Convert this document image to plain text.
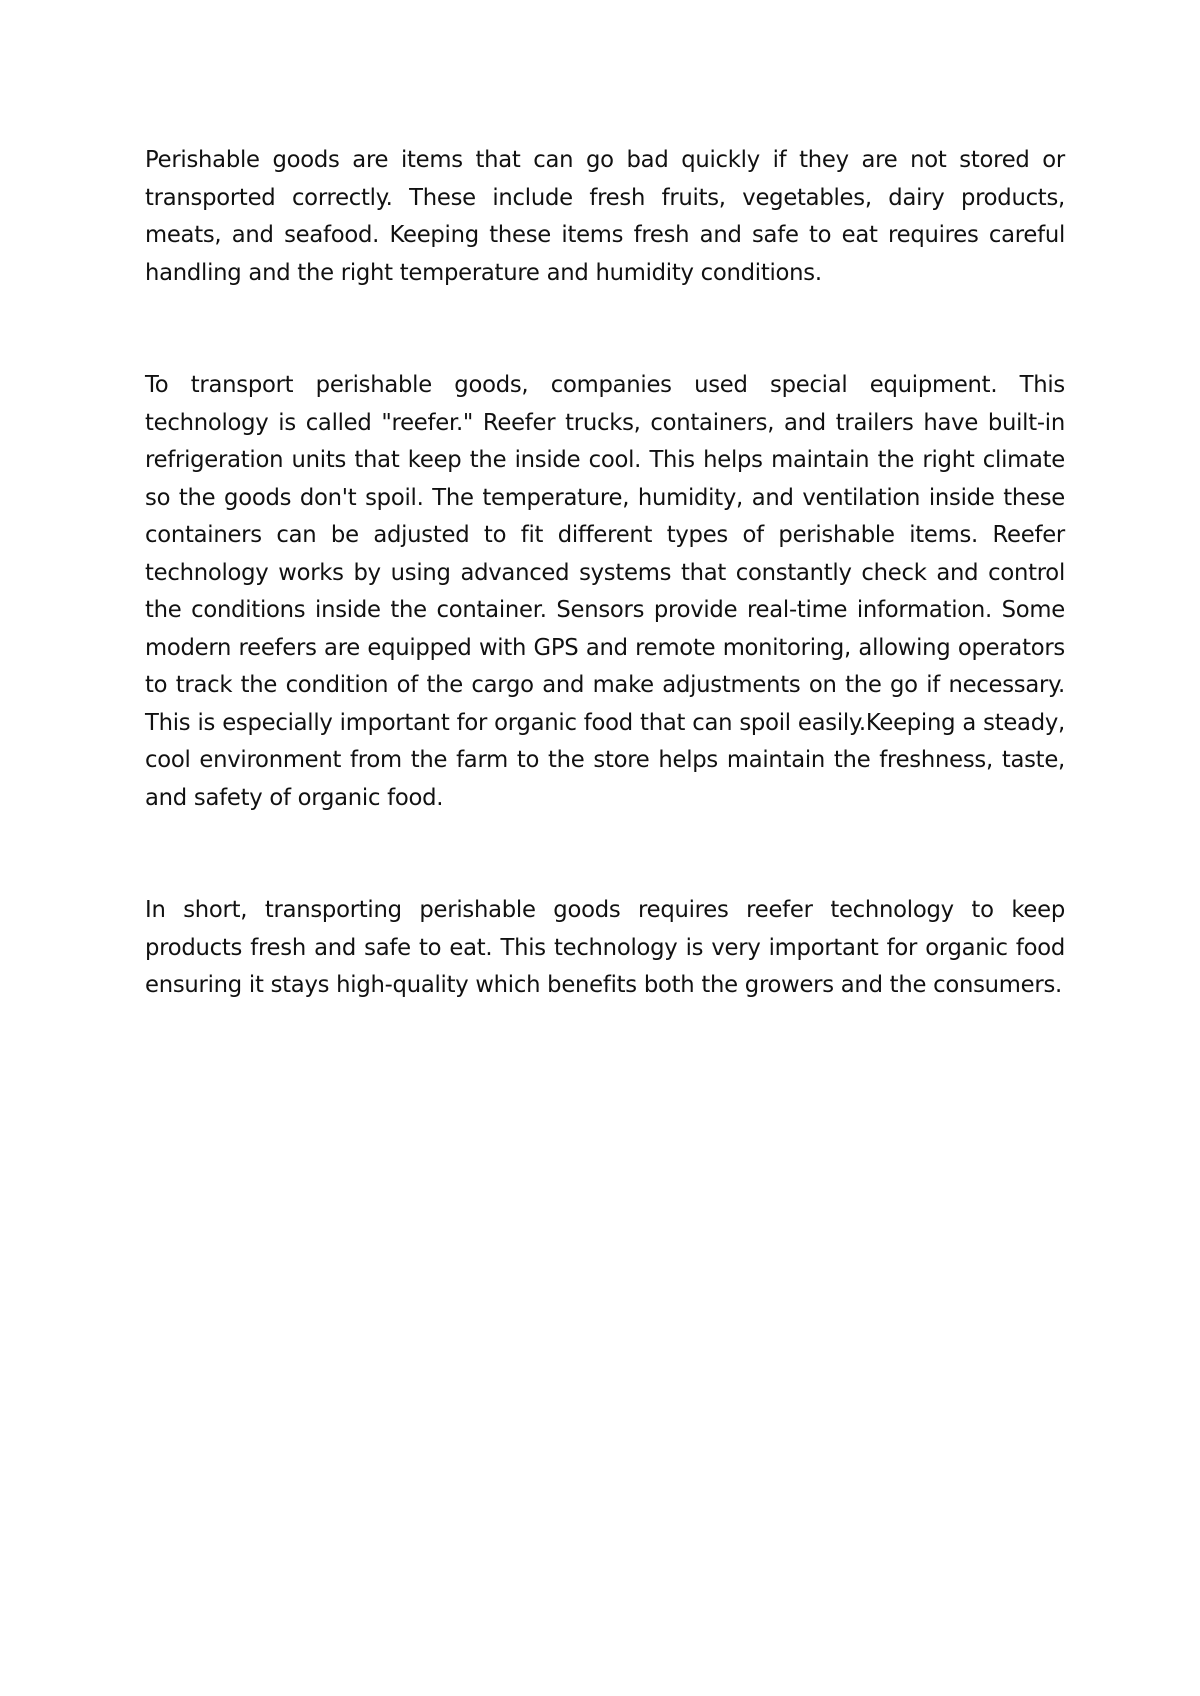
Perishable goods are items that can go bad quickly if they are not stored or transported correctly. These include fresh fruits, vegetables, dairy products, meats, and seafood. Keeping these items fresh and safe to eat requires careful handling and the right temperature and humidity conditions.

To transport perishable goods, companies used special equipment. This technology is called "reefer." Reefer trucks, containers, and trailers have built-in refrigeration units that keep the inside cool. This helps maintain the right climate so the goods don't spoil. The temperature, humidity, and ventilation inside these containers can be adjusted to fit different types of perishable items. Reefer technology works by using advanced systems that constantly check and control the conditions inside the container. Sensors provide real-time information. Some modern reefers are equipped with GPS and remote monitoring, allowing operators to track the condition of the cargo and make adjustments on the go if necessary. This is especially important for organic food that can spoil easily.Keeping a steady, cool environment from the farm to the store helps maintain the freshness, taste, and safety of organic food.

In short, transporting perishable goods requires reefer technology to keep products fresh and safe to eat. This technology is very important for organic food ensuring it stays high-quality which benefits both the growers and the consumers.
